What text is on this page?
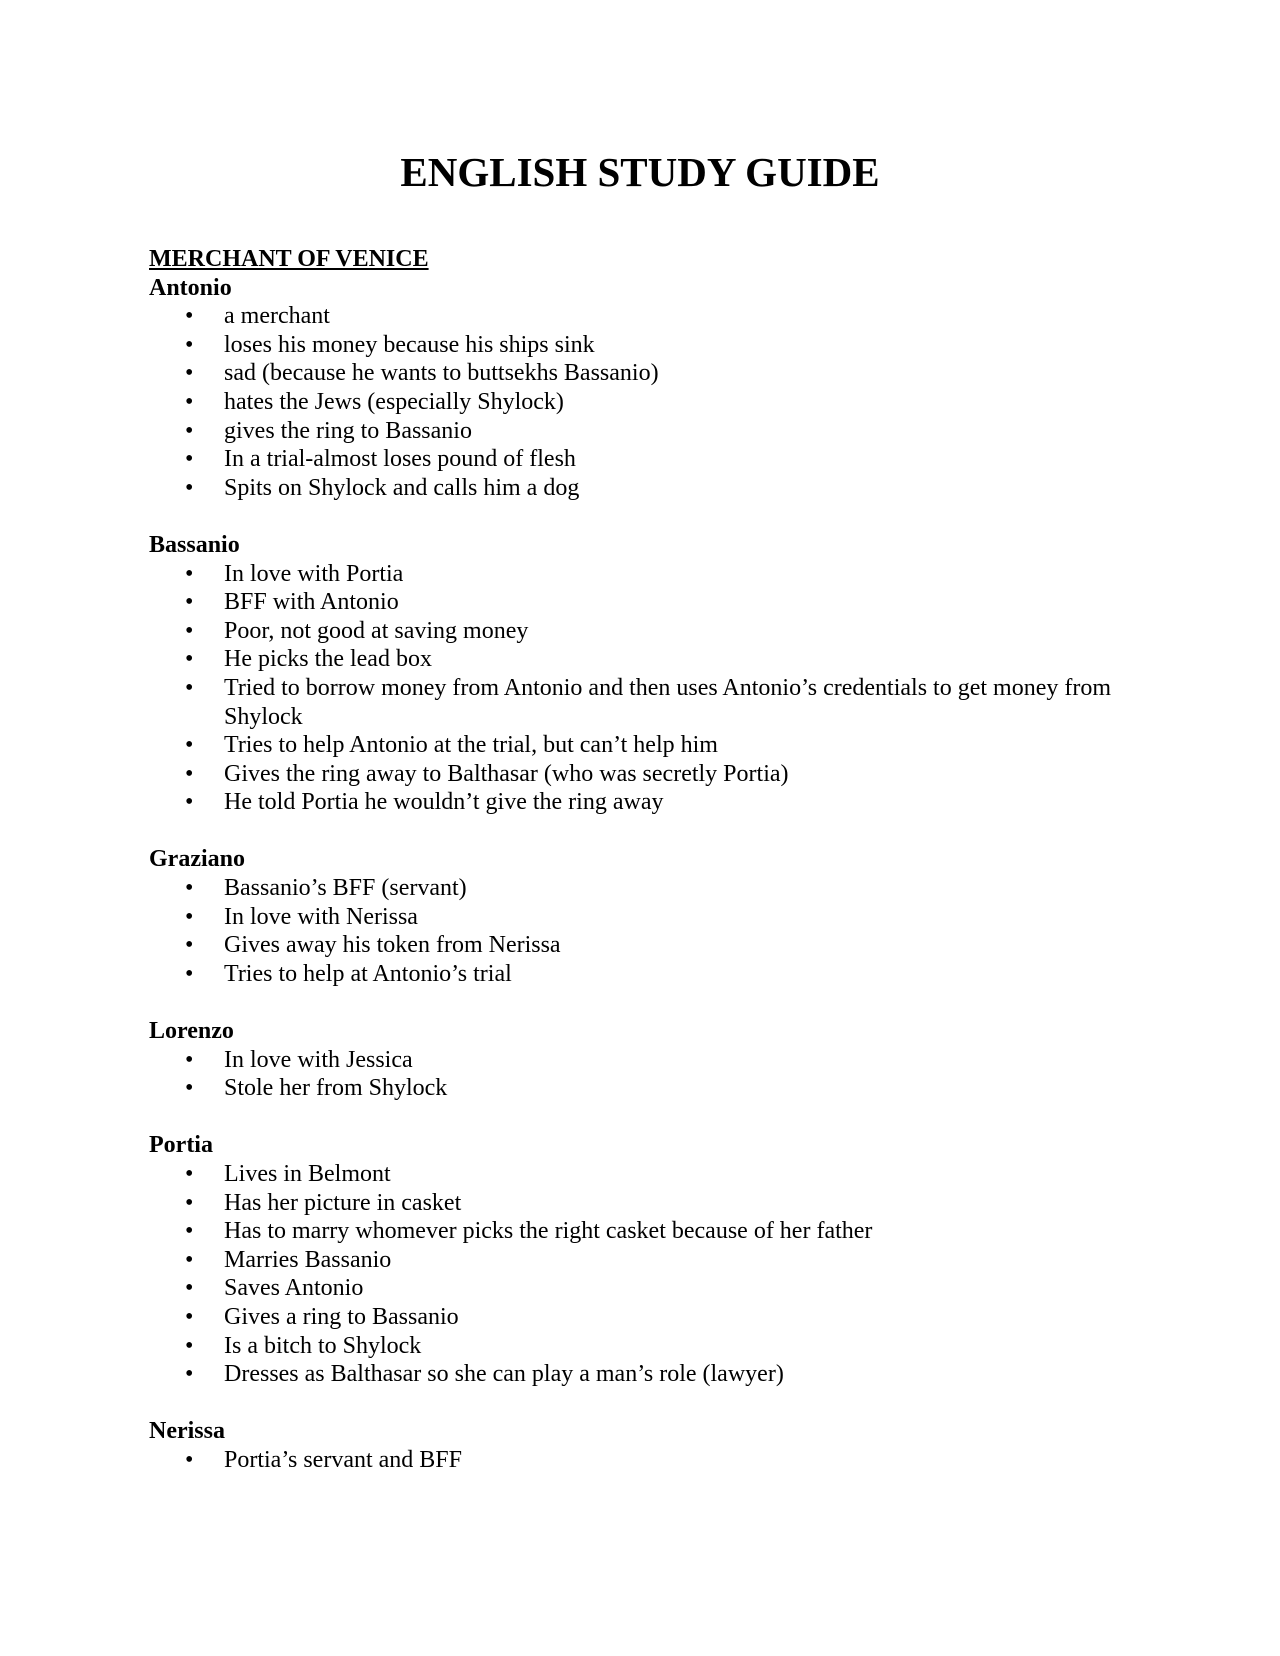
ENGLISH STUDY GUIDE

MERCHANT OF VENICE

Antonio

• a merchant
• loses his money because his ships sink
• sad (because he wants to buttsekhs Bassanio)
• hates the Jews (especially Shylock)
• gives the ring to Bassanio
• In a trial-almost loses pound of flesh
• Spits on Shylock and calls him a dog

Bassanio

• In love with Portia
• BFF with Antonio
• Poor, not good at saving money
• He picks the lead box
• Tried to borrow money from Antonio and then uses Antonio’s credentials to get money from Shylock
• Tries to help Antonio at the trial, but can’t help him
• Gives the ring away to Balthasar (who was secretly Portia)
• He told Portia he wouldn’t give the ring away

Graziano

• Bassanio’s BFF (servant)
• In love with Nerissa
• Gives away his token from Nerissa
• Tries to help at Antonio’s trial

Lorenzo

• In love with Jessica
• Stole her from Shylock

Portia

• Lives in Belmont
• Has her picture in casket
• Has to marry whomever picks the right casket because of her father
• Marries Bassanio
• Saves Antonio
• Gives a ring to Bassanio
• Is a bitch to Shylock
• Dresses as Balthasar so she can play a man’s role (lawyer)

Nerissa

• Portia’s servant and BFF
